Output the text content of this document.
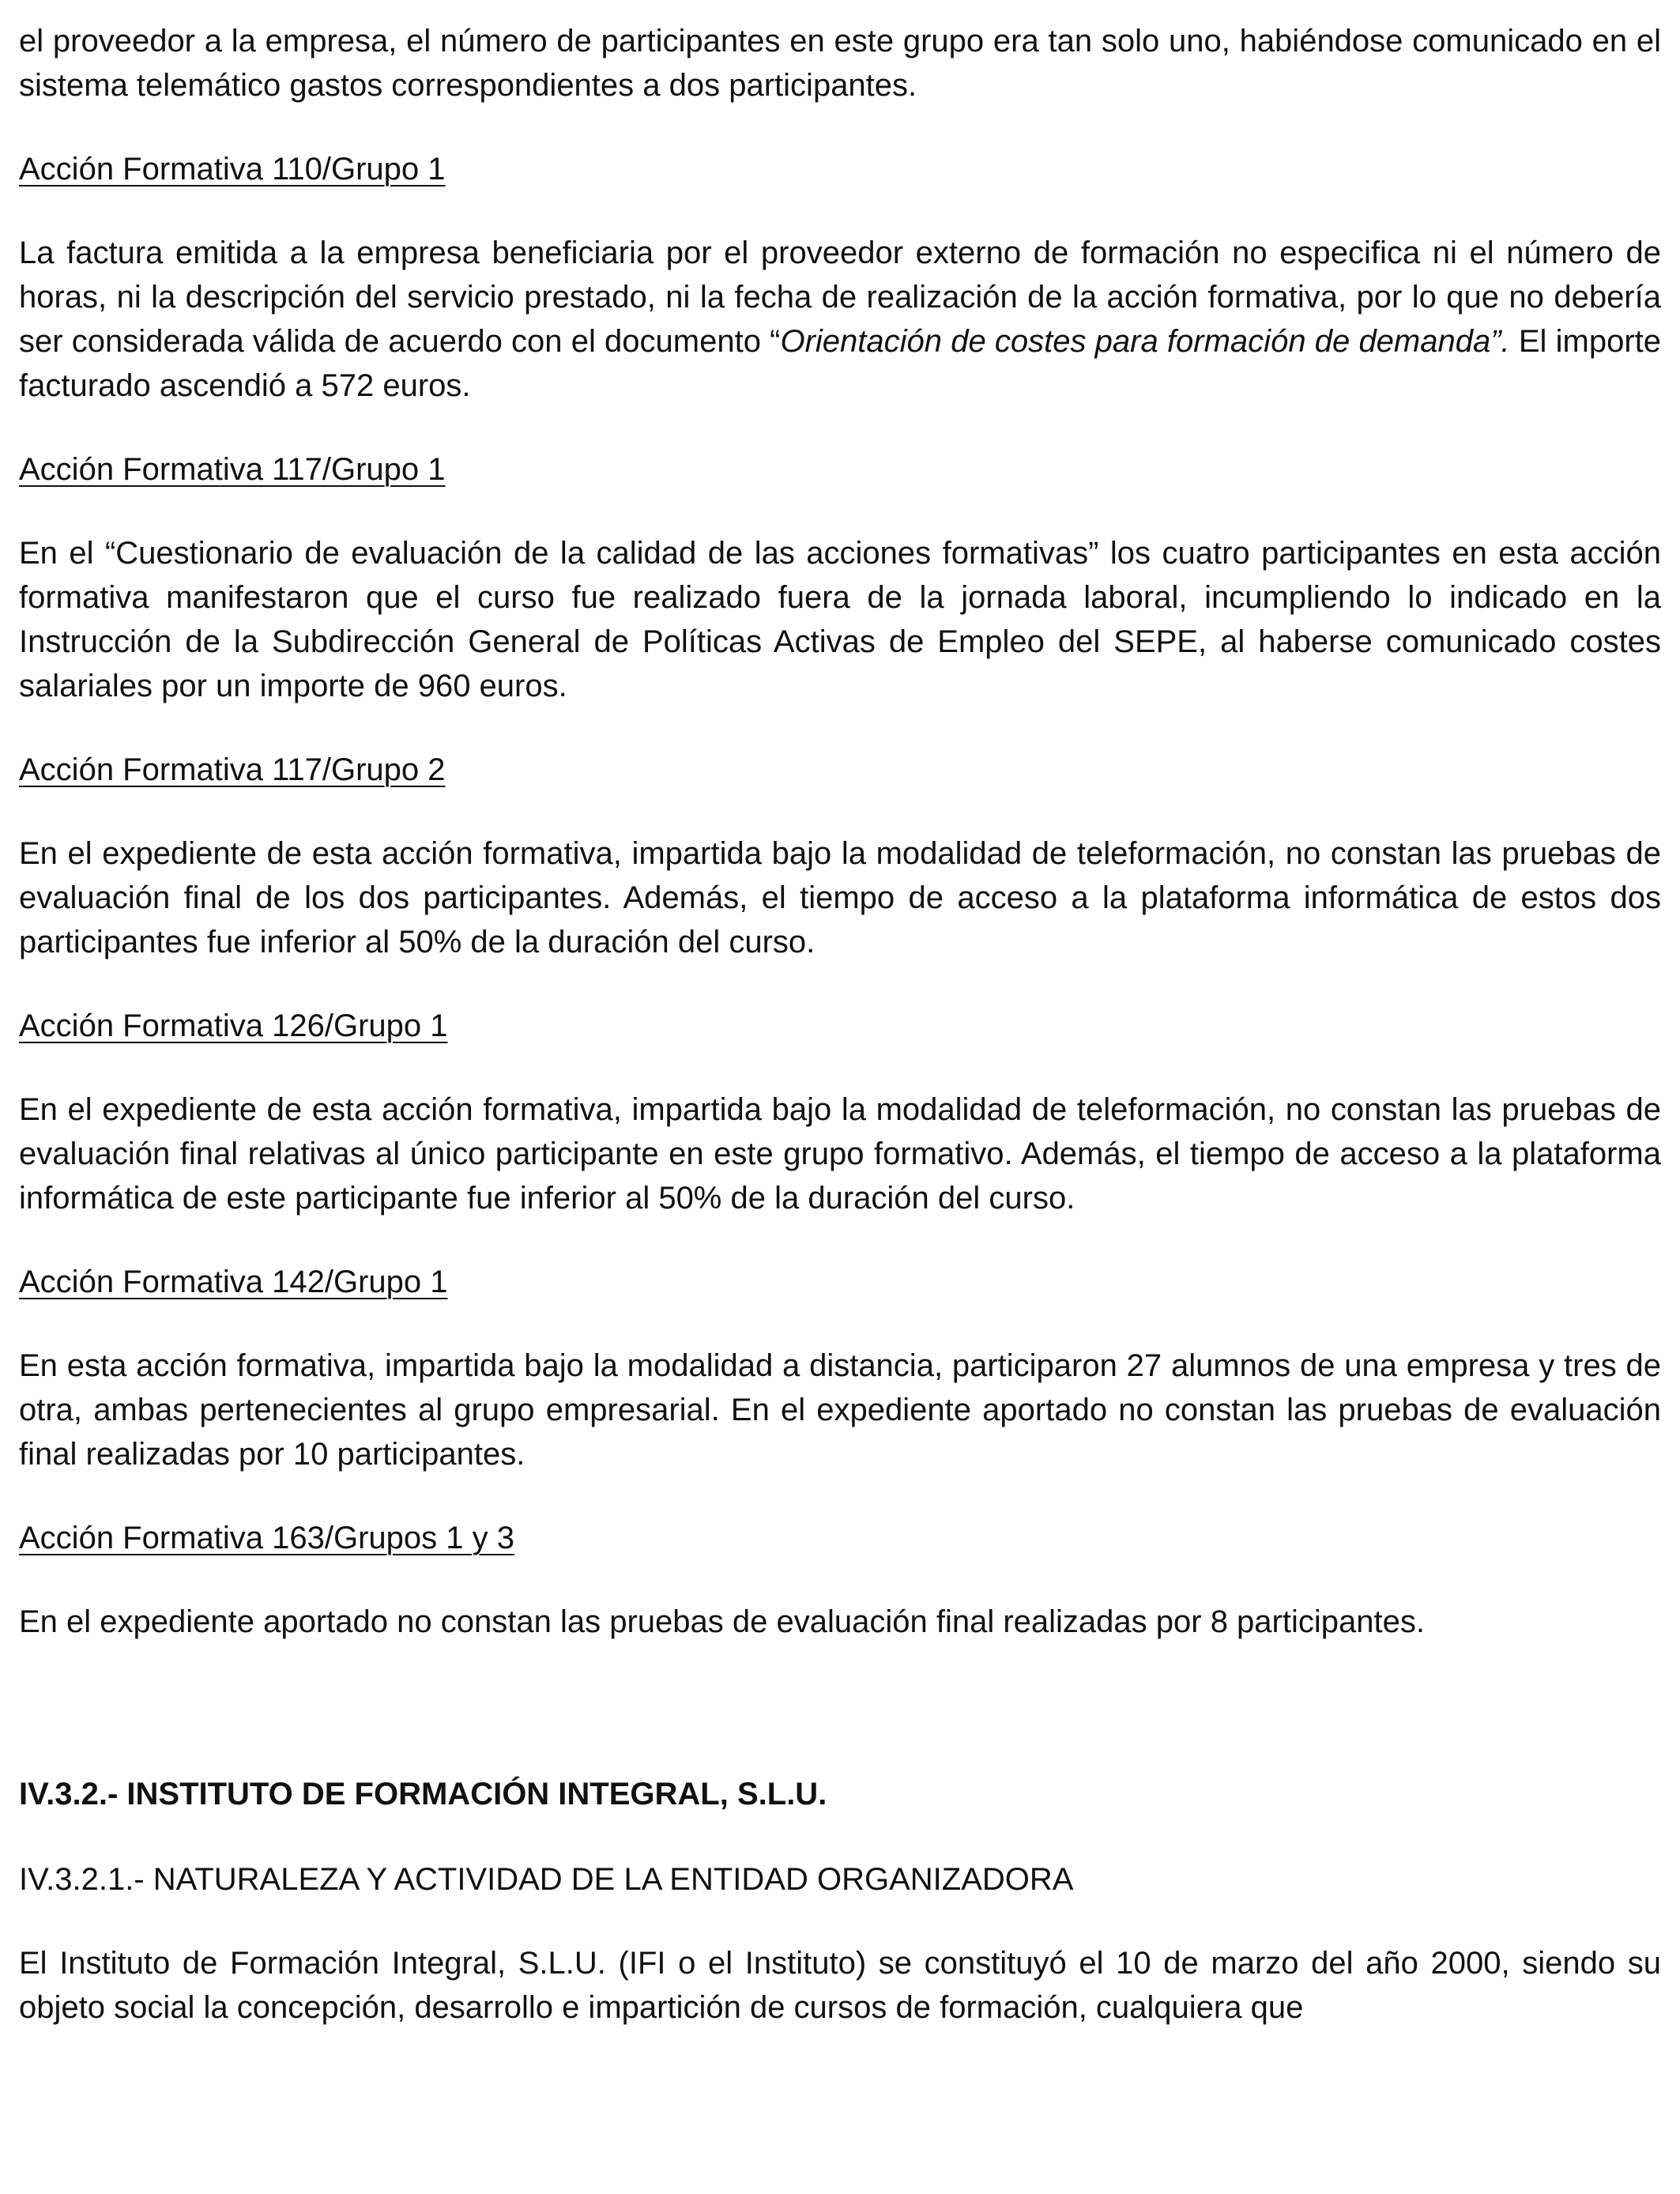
el proveedor a la empresa, el número de participantes en este grupo era tan solo uno, habiéndose comunicado en el sistema telemático gastos correspondientes a dos participantes.

Acción Formativa 110/Grupo 1

La factura emitida a la empresa beneficiaria por el proveedor externo de formación no especifica ni el número de horas, ni la descripción del servicio prestado, ni la fecha de realización de la acción formativa, por lo que no debería ser considerada válida de acuerdo con el documento “Orientación de costes para formación de demanda”. El importe facturado ascendió a 572 euros.

Acción Formativa 117/Grupo 1

En el “Cuestionario de evaluación de la calidad de las acciones formativas” los cuatro participantes en esta acción formativa manifestaron que el curso fue realizado fuera de la jornada laboral, incumpliendo lo indicado en la Instrucción de la Subdirección General de Políticas Activas de Empleo del SEPE, al haberse comunicado costes salariales por un importe de 960 euros.

Acción Formativa 117/Grupo 2

En el expediente de esta acción formativa, impartida bajo la modalidad de teleformación, no constan las pruebas de evaluación final de los dos participantes. Además, el tiempo de acceso a la plataforma informática de estos dos participantes fue inferior al 50% de la duración del curso.

Acción Formativa 126/Grupo 1

En el expediente de esta acción formativa, impartida bajo la modalidad de teleformación, no constan las pruebas de evaluación final relativas al único participante en este grupo formativo. Además, el tiempo de acceso a la plataforma informática de este participante fue inferior al 50% de la duración del curso.

Acción Formativa 142/Grupo 1

En esta acción formativa, impartida bajo la modalidad a distancia, participaron 27 alumnos de una empresa y tres de otra, ambas pertenecientes al grupo empresarial. En el expediente aportado no constan las pruebas de evaluación final realizadas por 10 participantes.

Acción Formativa 163/Grupos 1 y 3

En el expediente aportado no constan las pruebas de evaluación final realizadas por 8 participantes.

IV.3.2.- INSTITUTO DE FORMACIÓN INTEGRAL, S.L.U.

IV.3.2.1.- NATURALEZA Y ACTIVIDAD DE LA ENTIDAD ORGANIZADORA

El Instituto de Formación Integral, S.L.U. (IFI o el Instituto) se constituyó el 10 de marzo del año 2000, siendo su objeto social la concepción, desarrollo e impartición de cursos de formación, cualquiera que
